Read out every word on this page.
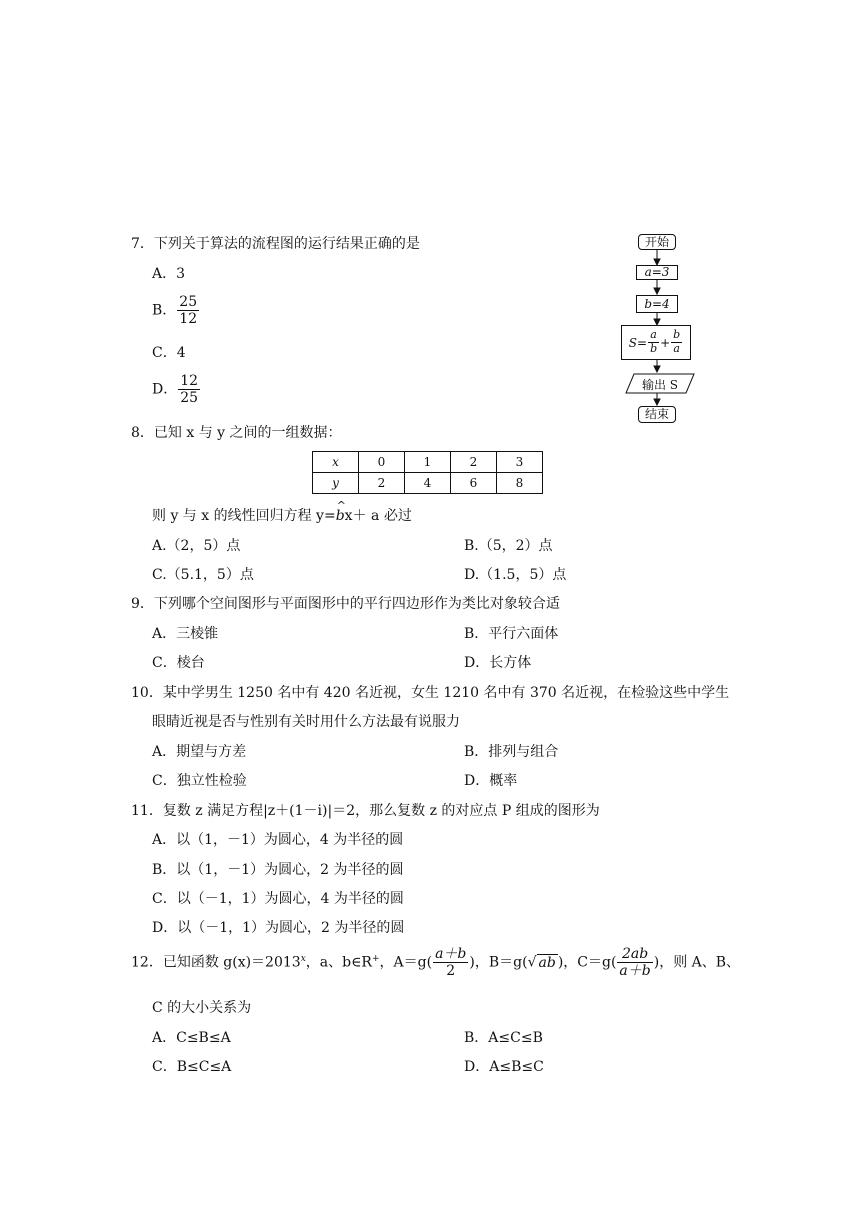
7．下列关于算法的流程图的运行结果正确的是
A．3
B． $\frac{25}{12}$
C．4
D． $\frac{12}{25}$
开始
a=3
b=4
$S= \frac{a}{b} + \frac{b}{a}$
输出 S
结束
8．已知 x 与 y 之间的一组数据：
x	0	1	2	3
y	2	4	6	8
则 y 与 x 的线性回归方程 y=b
^
x＋ a 必过
A.（2，5）点	B.（5，2）点
C.（5.1，5）点	D.（1.5，5）点
9．下列哪个空间图形与平面图形中的平行四边形作为类比对象较合适
A．三棱锥	B．平行六面体
C．棱台	D．长方体
10．某中学男生 1250 名中有 420 名近视，女生 1210 名中有 370 名近视，在检验这些中学生
眼睛近视是否与性别有关时用什么方法最有说服力
A．期望与方差	B．排列与组合
C．独立性检验	D．概率
11．复数 z 满足方程|z＋(1－i)|＝2，那么复数 z 的对应点 P 组成的图形为
A．以（1，－1）为圆心，4 为半径的圆
B．以（1，－1）为圆心，2 为半径的圆
C．以（－1，1）为圆心，4 为半径的圆
D．以（－1，1）为圆心，2 为半径的圆
12．已知函数 $g(x)=2013^x$，a、b∈R+，$A=g( \frac{a+b}{2}$ )，B＝g(√ ab )，$C=g( \frac{2ab}{a+b}$ )，则 A、B、
C 的大小关系为
A．C≤B≤A	B．A≤C≤B
C．B≤C≤A	D．A≤B≤C
